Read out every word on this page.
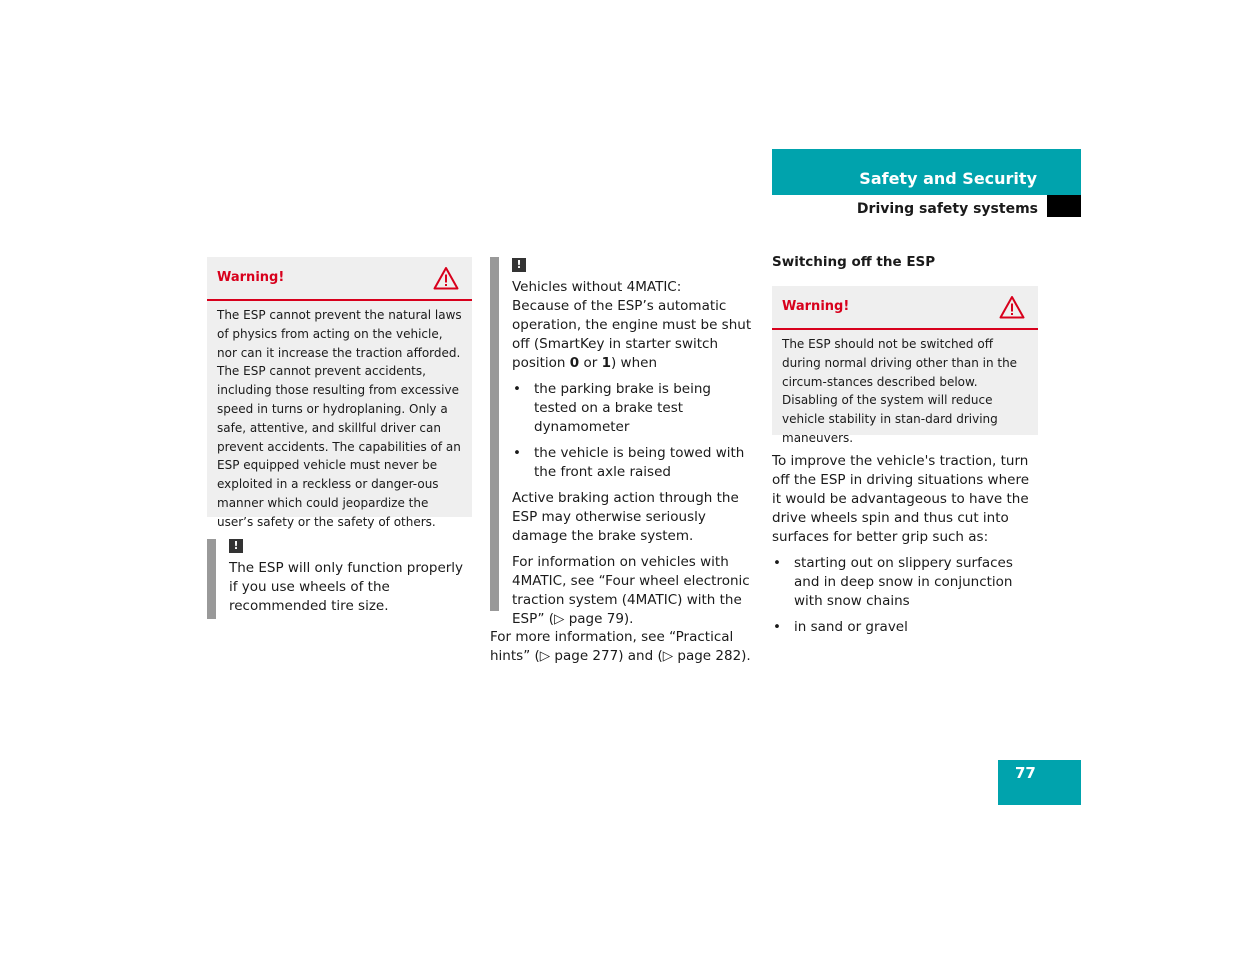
Safety and Security
Driving safety systems
Warning!

The ESP cannot prevent the natural laws of physics from acting on the vehicle, nor can it increase the traction afforded. The ESP cannot prevent accidents, including those resulting from excessive speed in turns or hydroplaning. Only a safe, attentive, and skillful driver can prevent accidents. The capabilities of an ESP equipped vehicle must never be exploited in a reckless or danger-ous manner which could jeopardize the user’s safety or the safety of others.

!

The ESP will only function properly if you use wheels of the recommended tire size.

!

Vehicles without 4MATIC:
Because of the ESP’s automatic operation, the engine must be shut off (SmartKey in starter switch position 0 or 1) when

• the parking brake is being tested on a brake test dynamometer
• the vehicle is being towed with the front axle raised

Active braking action through the ESP may otherwise seriously damage the brake system.

For information on vehicles with 4MATIC, see “Four wheel electronic traction system (4MATIC) with the ESP” (▷ page 79).

For more information, see “Practical hints” (▷ page 277) and (▷ page 282).

Switching off the ESP
Warning!

The ESP should not be switched off during normal driving other than in the circum-stances described below. Disabling of the system will reduce vehicle stability in stan-dard driving maneuvers.

To improve the vehicle's traction, turn off the ESP in driving situations where it would be advantageous to have the drive wheels spin and thus cut into surfaces for better grip such as:

• starting out on slippery surfaces and in deep snow in conjunction with snow chains
• in sand or gravel
77
